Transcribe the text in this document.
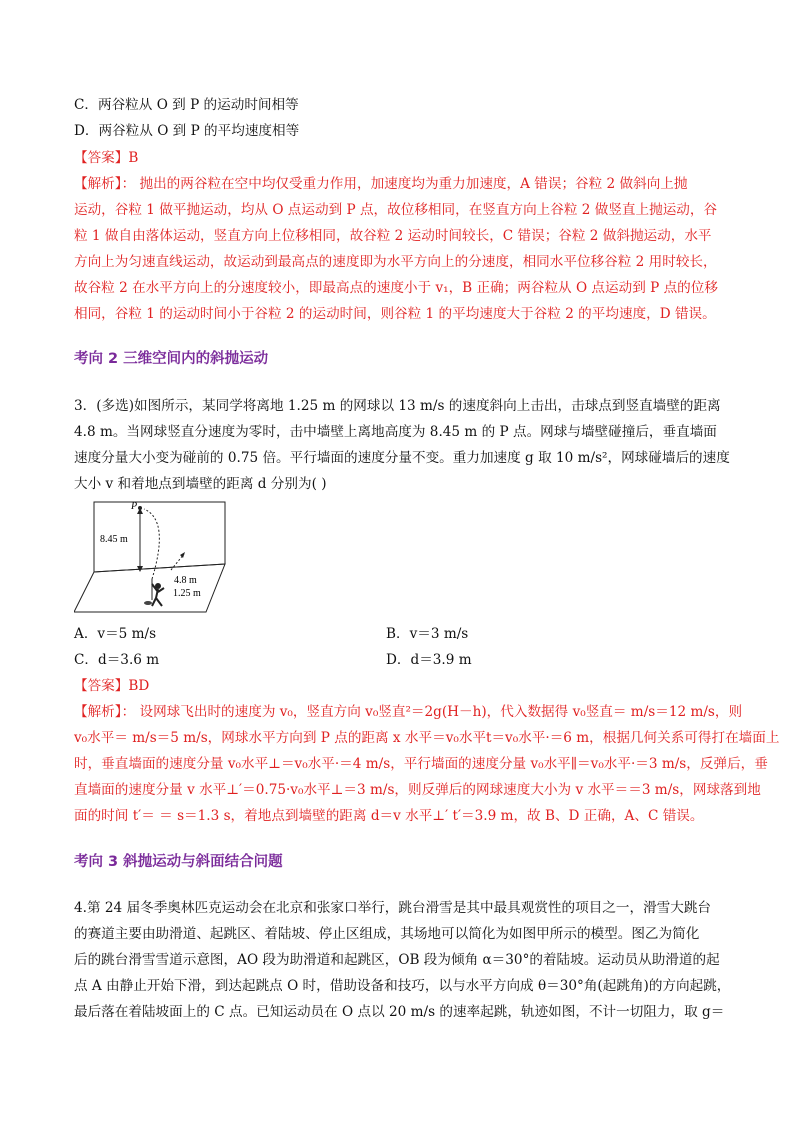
C．两谷粒从 O 到 P 的运动时间相等
D．两谷粒从 O 到 P 的平均速度相等
【答案】B
【解析】： 抛出的两谷粒在空中均仅受重力作用，加速度均为重力加速度，A 错误；谷粒 2 做斜向上抛
运动，谷粒 1 做平抛运动，均从 O 点运动到 P 点，故位移相同，在竖直方向上谷粒 2 做竖直上抛运动，谷
粒 1 做自由落体运动，竖直方向上位移相同，故谷粒 2 运动时间较长，C 错误；谷粒 2 做斜抛运动，水平
方向上为匀速直线运动，故运动到最高点的速度即为水平方向上的分速度，相同水平位移谷粒 2 用时较长，
故谷粒 2 在水平方向上的分速度较小，即最高点的速度小于 v₁，B 正确；两谷粒从 O 点运动到 P 点的位移
相同，谷粒 1 的运动时间小于谷粒 2 的运动时间，则谷粒 1 的平均速度大于谷粒 2 的平均速度，D 错误。
考向 2 三维空间内的斜抛运动
3．(多选)如图所示，某同学将离地 1.25 m 的网球以 13 m/s 的速度斜向上击出，击球点到竖直墙壁的距离
4.8 m。当网球竖直分速度为零时，击中墙壁上离地高度为 8.45 m 的 P 点。网球与墙壁碰撞后，垂直墙面
速度分量大小变为碰前的 0.75 倍。平行墙面的速度分量不变。重力加速度 g 取 10 m/s²，网球碰墙后的速度
大小 v 和着地点到墙壁的距离 d 分别为( )
P
8.45 m
4.8 m
1.25 m
A．v＝5 m/s	B．v＝3 m/s
C．d＝3.6 m	D．d＝3.9 m
【答案】BD
【解析】： 设网球飞出时的速度为 v₀，竖直方向 v₀竖直²＝2g(H－h)，代入数据得 v₀竖直＝ m/s＝12 m/s，则
v₀水平＝ m/s＝5 m/s，网球水平方向到 P 点的距离 x 水平＝v₀水平t＝v₀水平·＝6 m，根据几何关系可得打在墙面上
时，垂直墙面的速度分量 v₀水平⊥＝v₀水平·＝4 m/s，平行墙面的速度分量 v₀水平∥＝v₀水平·＝3 m/s，反弹后，垂
直墙面的速度分量 v 水平⊥′＝0.75·v₀水平⊥＝3 m/s，则反弹后的网球速度大小为 v 水平＝＝3 m/s，网球落到地
面的时间 t′＝ ＝ s＝1.3 s，着地点到墙壁的距离 d＝v 水平⊥′ t′＝3.9 m，故 B、D 正确，A、C 错误。
考向 3 斜抛运动与斜面结合问题
4.第 24 届冬季奥林匹克运动会在北京和张家口举行，跳台滑雪是其中最具观赏性的项目之一，滑雪大跳台
的赛道主要由助滑道、起跳区、着陆坡、停止区组成，其场地可以简化为如图甲所示的模型。图乙为简化
后的跳台滑雪雪道示意图，AO 段为助滑道和起跳区，OB 段为倾角 α＝30°的着陆坡。运动员从助滑道的起
点 A 由静止开始下滑，到达起跳点 O 时，借助设备和技巧，以与水平方向成 θ＝30°角(起跳角)的方向起跳，
最后落在着陆坡面上的 C 点。已知运动员在 O 点以 20 m/s 的速率起跳，轨迹如图，不计一切阻力，取 g＝
